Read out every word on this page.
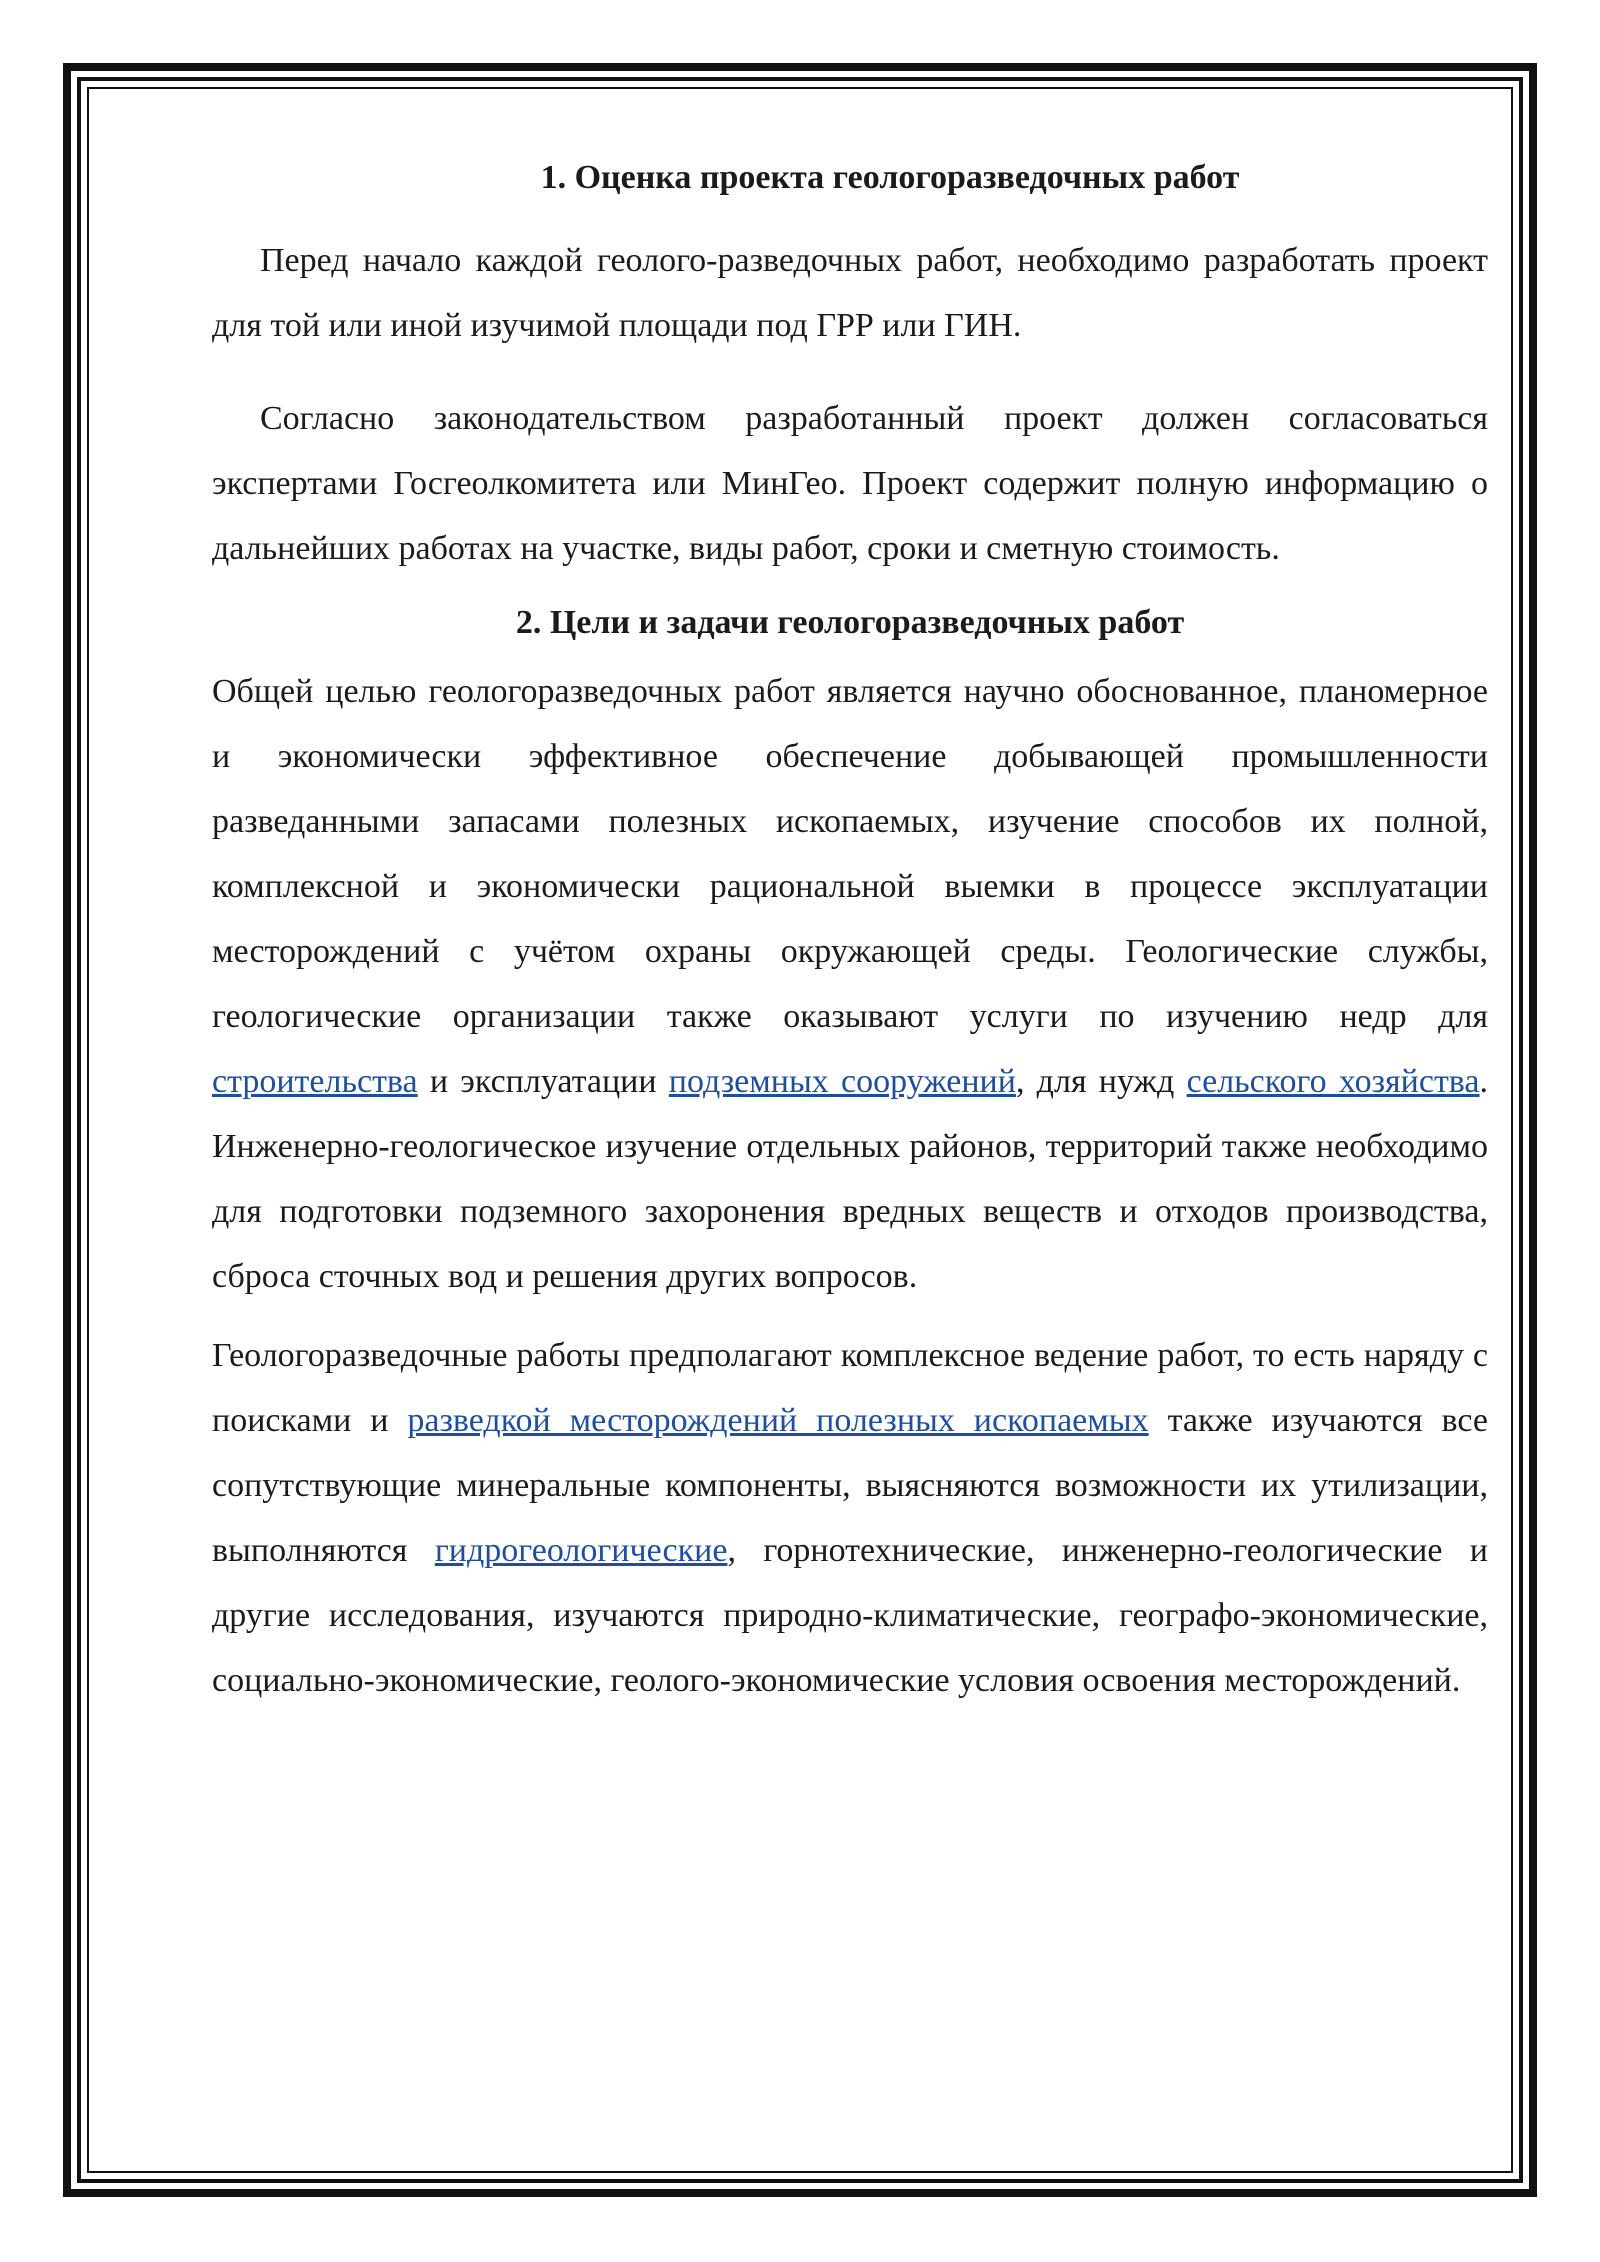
1. Оценка проекта геологоразведочных работ

Перед начало каждой геолого-разведочных работ, необходимо разработать проект для той или иной изучимой площади под ГРР или ГИН.

Согласно законодательством разработанный проект должен согласоваться экспертами Госгеолкомитета или МинГео. Проект содержит полную информацию о дальнейших работах на участке, виды работ, сроки и сметную стоимость.

2. Цели и задачи геологоразведочных работ

Общей целью геологоразведочных работ является научно обоснованное, планомерное и экономически эффективное обеспечение добывающей промышленности разведанными запасами полезных ископаемых, изучение способов их полной, комплексной и экономически рациональной выемки в процессе эксплуатации месторождений с учётом охраны окружающей среды. Геологические службы, геологические организации также оказывают услуги по изучению недр для строительства и эксплуатации подземных сооружений, для нужд сельского хозяйства. Инженерно-геологическое изучение отдельных районов, территорий также необходимо для подготовки подземного захоронения вредных веществ и отходов производства, сброса сточных вод и решения других вопросов.

Геологоразведочные работы предполагают комплексное ведение работ, то есть наряду с поисками и разведкой месторождений полезных ископаемых также изучаются все сопутствующие минеральные компоненты, выясняются возможности их утилизации, выполняются гидрогеологические, горнотехнические, инженерно-геологические и другие исследования, изучаются природно-климатические, географо-экономические, социально-экономические, геолого-экономические условия освоения месторождений.
